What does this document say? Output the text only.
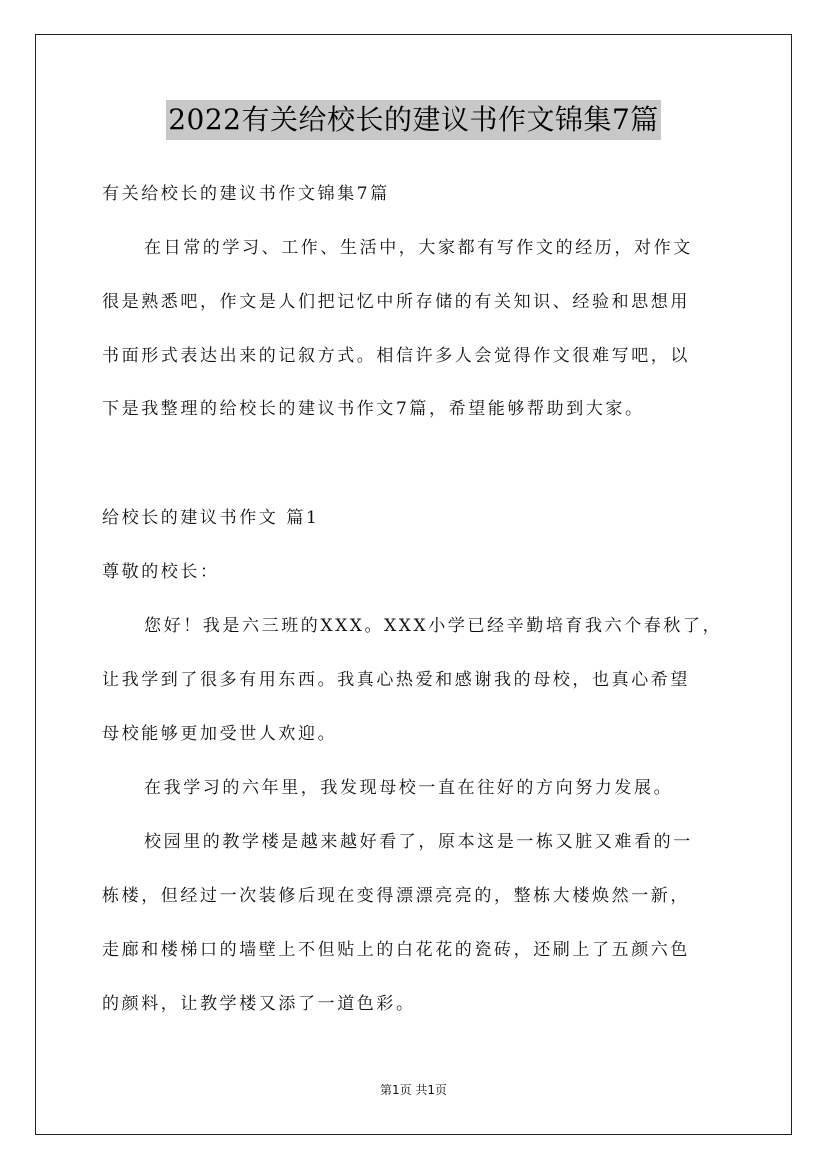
2022有关给校长的建议书作文锦集7篇
有关给校长的建议书作文锦集7篇
在日常的学习、工作、生活中，大家都有写作文的经历，对作文
很是熟悉吧，作文是人们把记忆中所存储的有关知识、经验和思想用
书面形式表达出来的记叙方式。相信许多人会觉得作文很难写吧，以
下是我整理的给校长的建议书作文7篇，希望能够帮助到大家。
给校长的建议书作文 篇1
尊敬的校长：
您好！我是六三班的XXX。XXX小学已经辛勤培育我六个春秋了，
让我学到了很多有用东西。我真心热爱和感谢我的母校，也真心希望
母校能够更加受世人欢迎。
在我学习的六年里，我发现母校一直在往好的方向努力发展。
校园里的教学楼是越来越好看了，原本这是一栋又脏又难看的一
栋楼，但经过一次装修后现在变得漂漂亮亮的，整栋大楼焕然一新，
走廊和楼梯口的墙壁上不但贴上的白花花的瓷砖，还刷上了五颜六色
的颜料，让教学楼又添了一道色彩。
第1页 共1页
